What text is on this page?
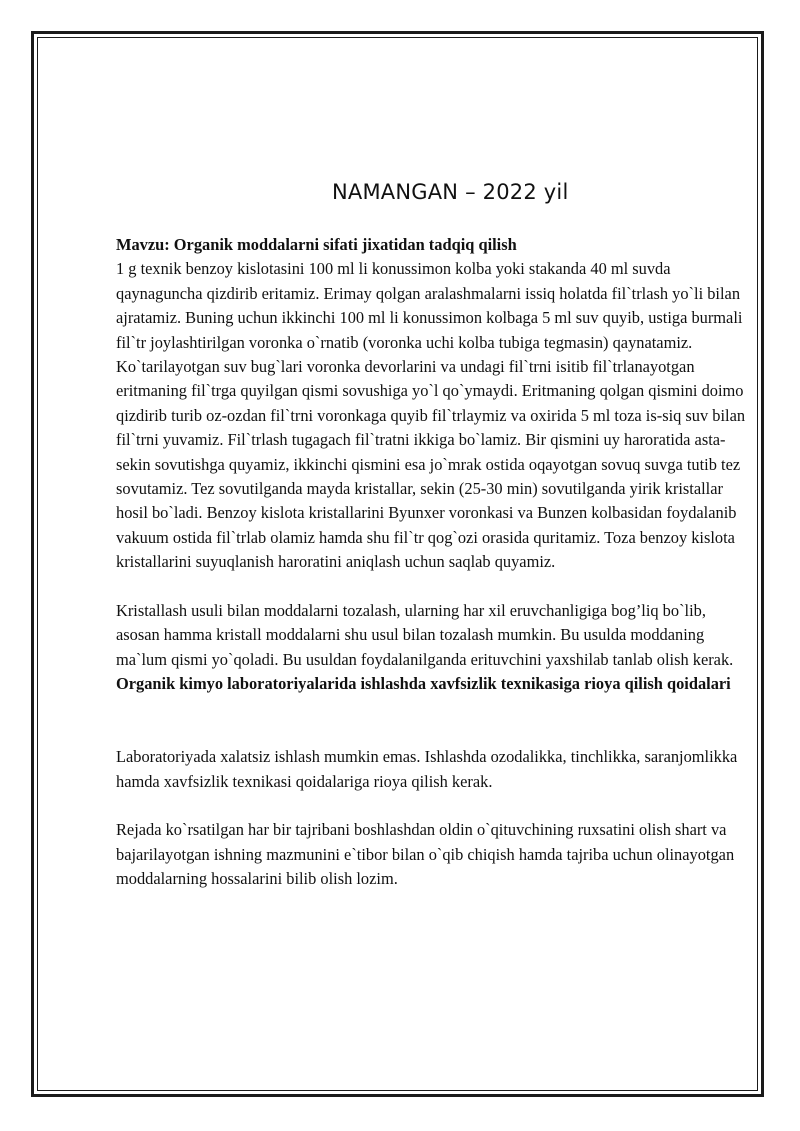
NAMANGAN – 2022 yil

Mavzu: Organik moddalarni sifati jixatidan tadqiq qilish

1 g texnik benzoy kislotasini 100 ml li konussimon kolba yoki stakanda 40 ml suvda qaynaguncha qizdirib eritamiz. Erimay qolgan aralashmalarni issiq holatda fil`trlash yo`li bilan ajratamiz. Buning uchun ikkinchi 100 ml li konussimon kolbaga 5 ml suv quyib, ustiga burmali fil`tr joylashtirilgan voronka o`rnatib (voronka uchi kolba tubiga tegmasin) qaynatamiz. Ko`tarilayotgan suv bug`lari voronka devorlarini va undagi fil`trni isitib fil`trlanayotgan eritmaning fil`trga quyilgan qismi sovushiga yo`l qo`ymaydi. Eritmaning qolgan qismini doimo qizdirib turib oz-ozdan fil`trni voronkaga quyib fil`trlaymiz va oxirida 5 ml toza is-siq suv bilan fil`trni yuvamiz. Fil`trlash tugagach fil`tratni ikkiga bo`lamiz. Bir qismini uy haroratida asta-sekin sovutishga quyamiz, ikkinchi qismini esa jo`mrak ostida oqayotgan sovuq suvga tutib tez sovutamiz. Tez sovutilganda mayda kristallar, sekin (25-30 min) sovutilganda yirik kristallar hosil bo`ladi. Benzoy kislota kristallarini Byunxer voronkasi va Bunzen kolbasidan foydalanib vakuum ostida fil`trlab olamiz hamda shu fil`tr qog`ozi orasida quritamiz. Toza benzoy kislota kristallarini suyuqlanish haroratini aniqlash uchun saqlab quyamiz.

Kristallash usuli bilan moddalarni tozalash, ularning har xil eruvchanligiga bog’liq bo`lib, asosan hamma kristall moddalarni shu usul bilan tozalash mumkin. Bu usulda moddaning ma`lum qismi yo`qoladi. Bu usuldan foydalanilganda erituvchini yaxshilab tanlab olish kerak.

Organik kimyo laboratoriyalarida ishlashda xavfsizlik texnikasiga rioya qilish qoidalari

Laboratoriyada xalatsiz ishlash mumkin emas. Ishlashda ozodalikka, tinchlikka, saranjomlikka hamda xavfsizlik texnikasi qoidalariga rioya qilish kerak.

Rejada ko`rsatilgan har bir tajribani boshlashdan oldin o`qituvchining ruxsatini olish shart va bajarilayotgan ishning mazmunini e`tibor bilan o`qib chiqish hamda tajriba uchun olinayotgan moddalarning hossalarini bilib olish lozim.
